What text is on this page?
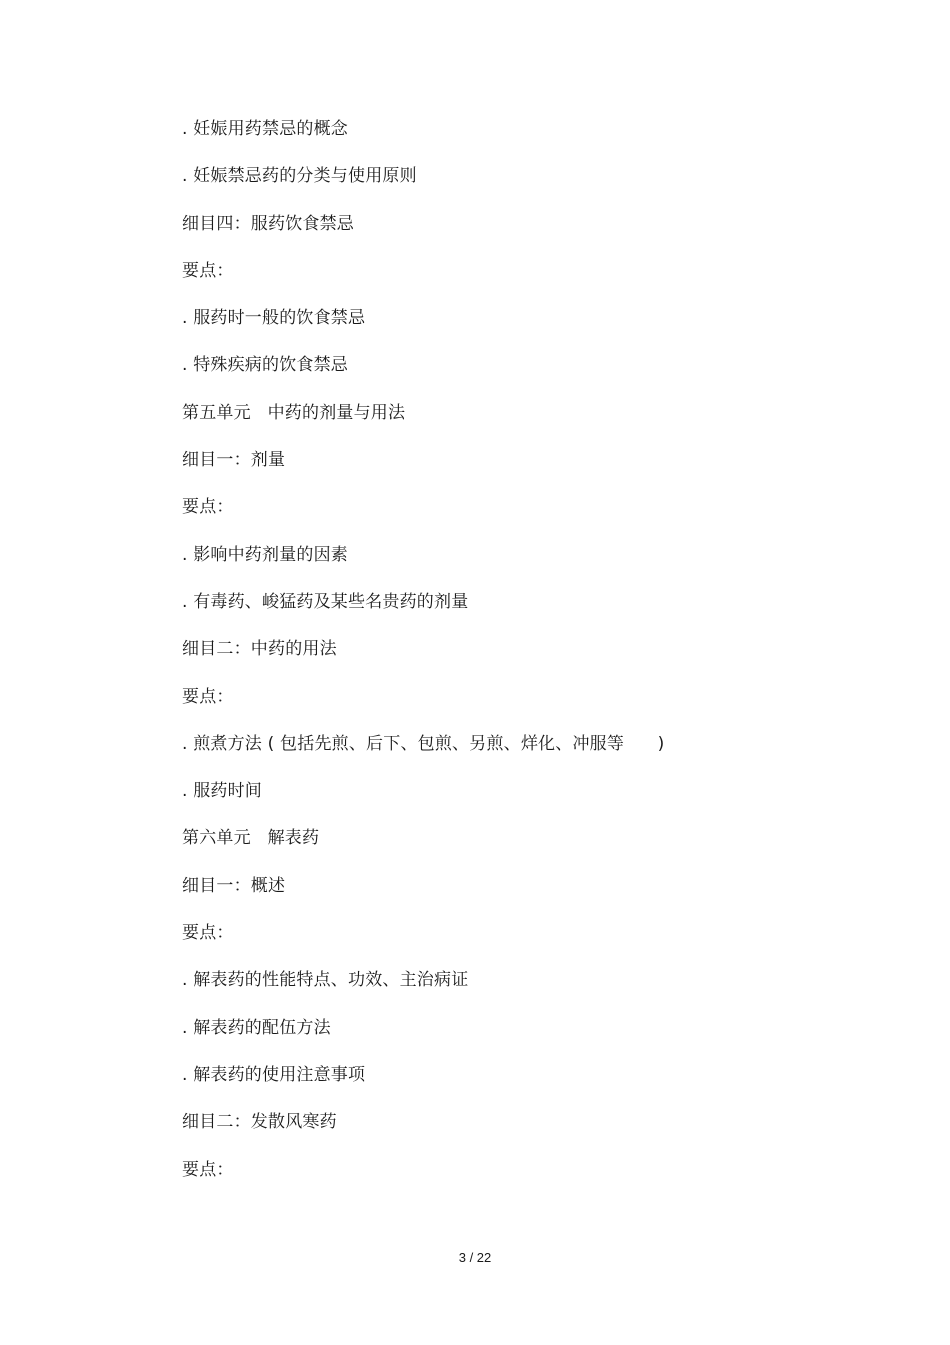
. 妊娠用药禁忌的概念
. 妊娠禁忌药的分类与使用原则
细目四：服药饮食禁忌
要点：
. 服药时一般的饮食禁忌
. 特殊疾病的饮食禁忌
第五单元   中药的剂量与用法
细目一：剂量
要点：
. 影响中药剂量的因素
. 有毒药、峻猛药及某些名贵药的剂量
细目二：中药的用法
要点：
. 煎煮方法 ( 包括先煎、后下、包煎、另煎、烊化、冲服等      )
. 服药时间
第六单元   解表药
细目一：概述
要点：
. 解表药的性能特点、功效、主治病证
. 解表药的配伍方法
. 解表药的使用注意事项
细目二：发散风寒药
要点：
3 / 22
